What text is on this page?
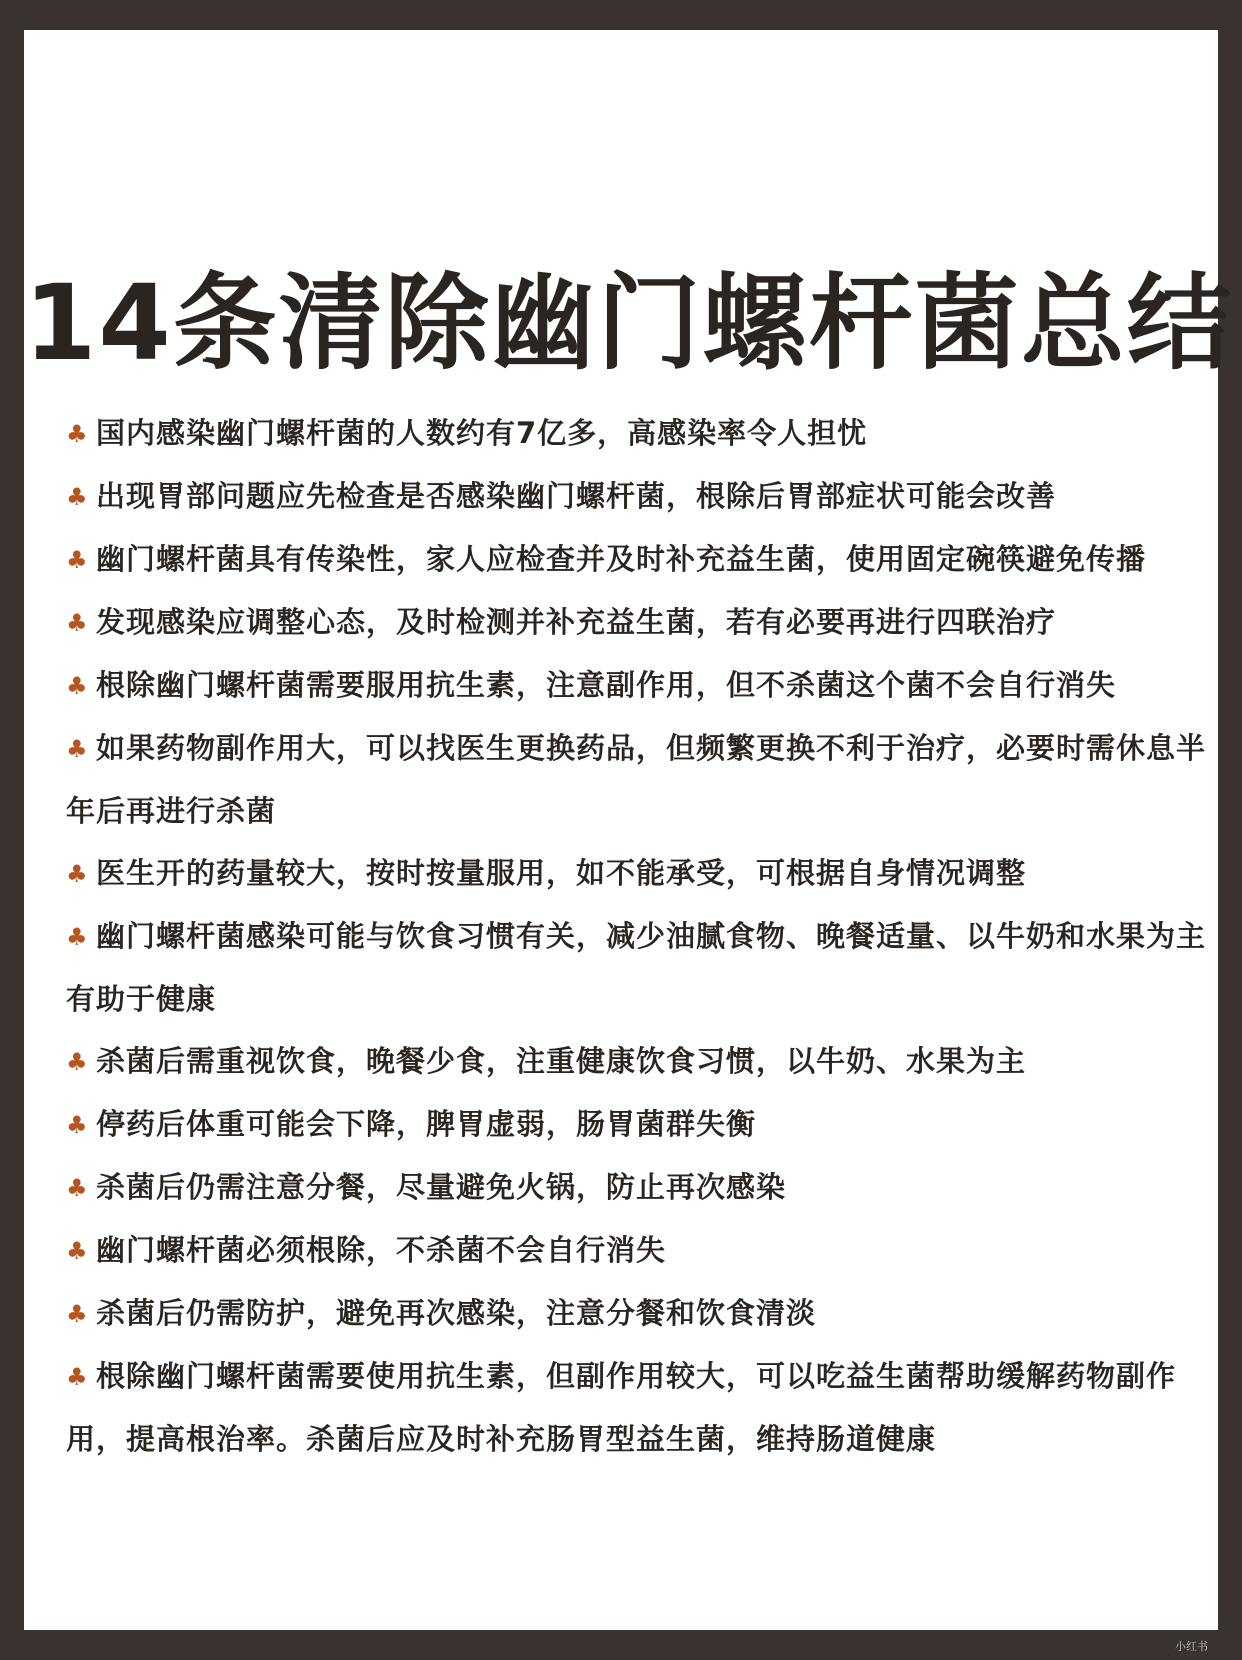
14条清除幽门螺杆菌总结
♣ 国内感染幽门螺杆菌的人数约有7亿多，高感染率令人担忧
♣ 出现胃部问题应先检查是否感染幽门螺杆菌，根除后胃部症状可能会改善
♣ 幽门螺杆菌具有传染性，家人应检查并及时补充益生菌，使用固定碗筷避免传播
♣ 发现感染应调整心态，及时检测并补充益生菌，若有必要再进行四联治疗
♣ 根除幽门螺杆菌需要服用抗生素，注意副作用，但不杀菌这个菌不会自行消失
♣ 如果药物副作用大，可以找医生更换药品，但频繁更换不利于治疗，必要时需休息半年后再进行杀菌
♣ 医生开的药量较大，按时按量服用，如不能承受，可根据自身情况调整
♣ 幽门螺杆菌感染可能与饮食习惯有关，减少油腻食物、晚餐适量、以牛奶和水果为主有助于健康
♣ 杀菌后需重视饮食，晚餐少食，注重健康饮食习惯，以牛奶、水果为主
♣ 停药后体重可能会下降，脾胃虚弱，肠胃菌群失衡
♣ 杀菌后仍需注意分餐，尽量避免火锅，防止再次感染
♣ 幽门螺杆菌必须根除，不杀菌不会自行消失
♣ 杀菌后仍需防护，避免再次感染，注意分餐和饮食清淡
♣ 根除幽门螺杆菌需要使用抗生素，但副作用较大，可以吃益生菌帮助缓解药物副作用，提高根治率。杀菌后应及时补充肠胃型益生菌，维持肠道健康
小红书
